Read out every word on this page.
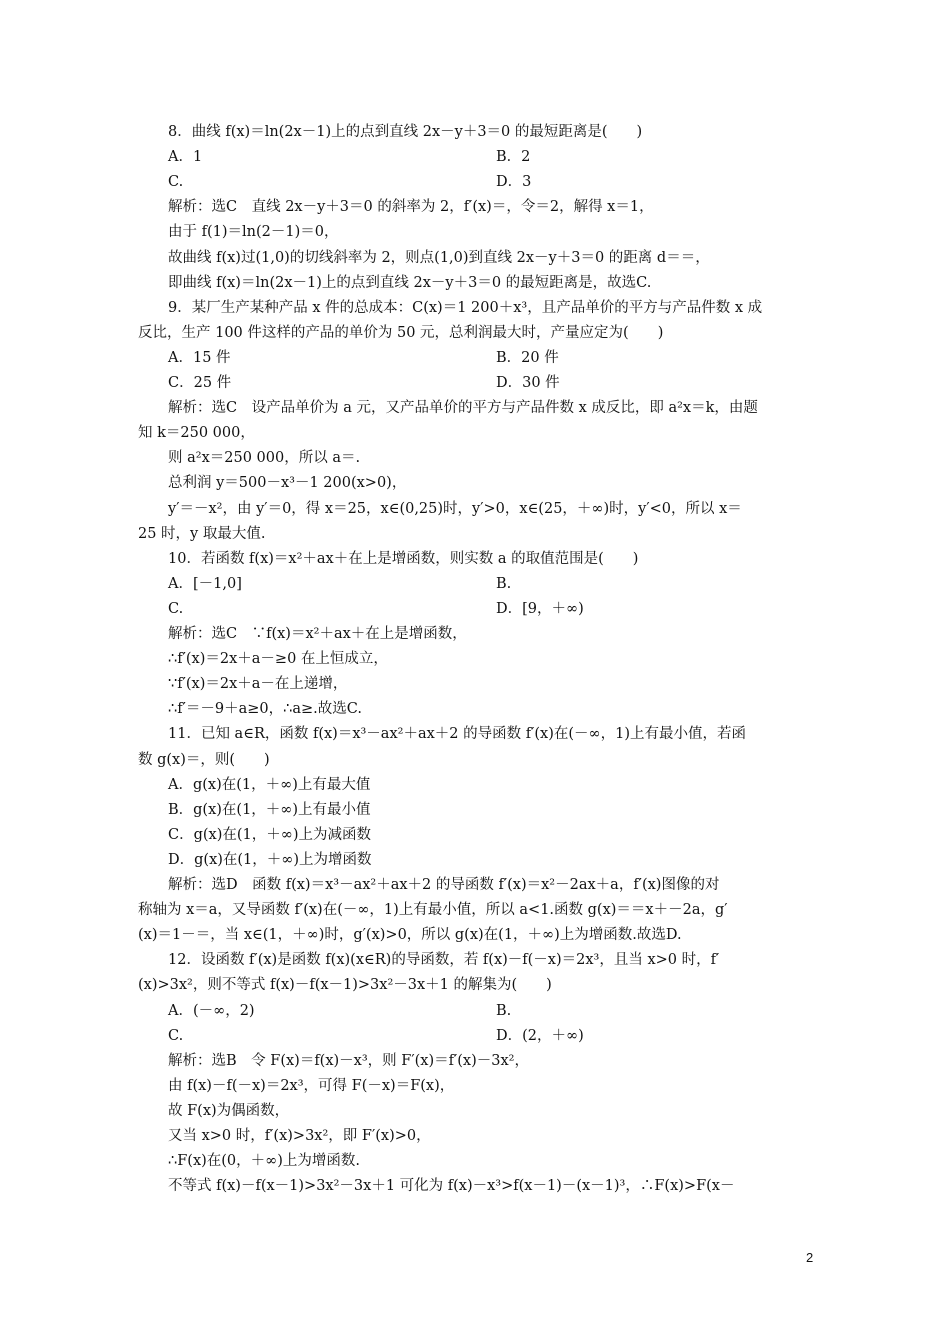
8．曲线 f(x)＝ln(2x－1)上的点到直线 2x－y＋3＝0 的最短距离是(　　)
A．1	B．2
C.	D．3
解析：选C　直线 2x－y＋3＝0 的斜率为 2，f′(x)＝，令＝2，解得 x＝1，
由于 f(1)＝ln(2－1)＝0，
故曲线 f(x)过(1,0)的切线斜率为 2，则点(1,0)到直线 2x－y＋3＝0 的距离 d＝＝，
即曲线 f(x)＝ln(2x－1)上的点到直线 2x－y＋3＝0 的最短距离是，故选C.
9．某厂生产某种产品 x 件的总成本：C(x)＝1 200＋x³，且产品单价的平方与产品件数 x 成
反比，生产 100 件这样的产品的单价为 50 元，总利润最大时，产量应定为(　　)
A．15 件	B．20 件
C．25 件	D．30 件
解析：选C　设产品单价为 a 元，又产品单价的平方与产品件数 x 成反比，即 a²x＝k，由题
知 k＝250 000，
则 a²x＝250 000，所以 a＝.
总利润 y＝500－x³－1 200(x>0)，
y′＝－x²，由 y′＝0，得 x＝25，x∈(0,25)时，y′>0，x∈(25，＋∞)时，y′<0，所以 x＝
25 时，y 取最大值.
10．若函数 f(x)＝x²＋ax＋在上是增函数，则实数 a 的取值范围是(　　)
A．[－1,0]	B.
C.	D．[9，＋∞)
解析：选C　∵f(x)＝x²＋ax＋在上是增函数，
∴f′(x)＝2x＋a－≥0 在上恒成立，
∵f′(x)＝2x＋a－在上递增，
∴f′＝－9＋a≥0，∴a≥.故选C.
11．已知 a∈R，函数 f(x)＝x³－ax²＋ax＋2 的导函数 f′(x)在(－∞，1)上有最小值，若函
数 g(x)＝，则(　　)
A．g(x)在(1，＋∞)上有最大值
B．g(x)在(1，＋∞)上有最小值
C．g(x)在(1，＋∞)上为减函数
D．g(x)在(1，＋∞)上为增函数
解析：选D　函数 f(x)＝x³－ax²＋ax＋2 的导函数 f′(x)＝x²－2ax＋a，f′(x)图像的对
称轴为 x＝a，又导函数 f′(x)在(－∞，1)上有最小值，所以 a<1.函数 g(x)＝＝x＋－2a，g′
(x)＝1－＝，当 x∈(1，＋∞)时，g′(x)>0，所以 g(x)在(1，＋∞)上为增函数.故选D.
12．设函数 f′(x)是函数 f(x)(x∈R)的导函数，若 f(x)－f(－x)＝2x³，且当 x>0 时，f′
(x)>3x²，则不等式 f(x)－f(x－1)>3x²－3x＋1 的解集为(　　)
A．(－∞，2)	B.
C.	D．(2，＋∞)
解析：选B　令 F(x)＝f(x)－x³，则 F′(x)＝f′(x)－3x²，
由 f(x)－f(－x)＝2x³，可得 F(－x)＝F(x)，
故 F(x)为偶函数，
又当 x>0 时，f′(x)>3x²，即 F′(x)>0，
∴F(x)在(0，＋∞)上为增函数.
不等式 f(x)－f(x－1)>3x²－3x＋1 可化为 f(x)－x³>f(x－1)－(x－1)³，∴F(x)>F(x－
2
